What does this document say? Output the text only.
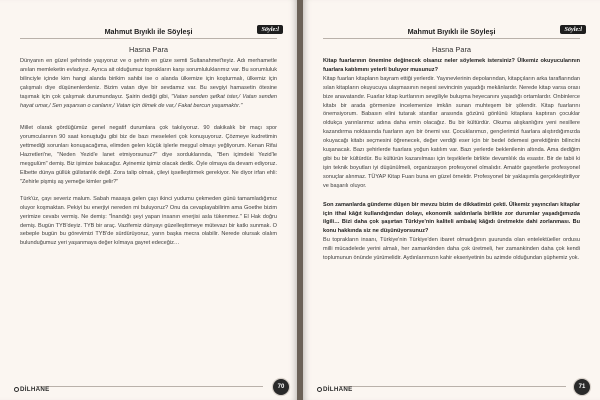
Mahmut Bıyıklı ile Söyleşi	Söyle:l
Hasna Para

Dünyanın en güzel şehrinde yaşıyoruz ve o şehrin en güze semti Sultanahmet'teyiz. Adı merhametle anılan memleketin evladıyız. Ayrıca ait olduğumuz toprakların karşı sorumluluklarımız var. Bu sorumluluk bilinciyle içinde kim hangi alanda birikim sahibi ise o alanda ülkemize için koşturmalı, ülkemiz için çalışmalı diye düşünenlerdeniz. Bizim vatan diye bir sevdamız var. Bu sevgiyi hamasetin ötesine taşımak için çok çalışmak durumundayız. Şairin dediği gibi, "Vatan senden şefkat ister,/ Vatan senden hayat umar,/ Sen yaşarsan o canlanır,/ Vatan için ölmek de var,/ Fakat bercun yaşamaktır."

Millet olarak gördüğümüz genel negatif durumlara çok takılıyoruz. 90 dakikalık bir maçı spor yorumcularının 90 saat konuştuğu gibi biz de bazı meseleleri çok konuşuyoruz. Çözmeye kudretimin yettmediği sorunları konuşacağıma, elimden gelen küçük işlerle meşgul olmayı yeğliyorum. Kenan Rifai Hazretleri'ne, "Neden Yezid'e lanet etmiyorsunuz?" diye sorduklarında, "Ben içimdeki Yezid'le meşgulüm" demiş. Biz işimize bakacağız. Ayinemiz işimiz olacak dedik. Öyle olmaya da devam ediyoruz. Elbette dünya güllük gülistanlık değil. Zora talip olmak, çileyi işselleştirmek gerekiyor. Ne diyor irfan ehli: "Zehirle pişmiş aş yemeğe kimler gelir?"

Türk'üz, çayı severiz malum. Sabah masaya gelen çayı ikinci yudumu çekmeden günü tamamladığımız oluyor koşmaktan. Pekiyi bu enerjiyi nereden mi buluyoruz? Onu da cevaplayabilirim ama Goethe bizim yerimize cevabı vermiş. Ne demiş: "İnandığı şeyi yapan insanın enerjisi asla tükenmez." El Hak doğru demiş. Bugün TYB'deyiz. TYB bir araç. Vazifemiz dünyayı güzelleştirmeye mütevazı bir katkı sunmak. O sebeple bugün bu görevimizi TYB'de sürdürüyoruz, yarın başka mecra olabilir. Nerede olursak olalım bulunduğumuz yeri yaşanmaya değer kılmaya gayret edeceğiz…

DİLHANE	70
Mahmut Bıyıklı ile Söyleşi	Söyle:l
Hasna Para

Kitap fuarlarının önemine değinecek olsanız neler söylemek istersiniz? Ülkemiz okuyucularının fuarlara katılımını yeterli buluyor musunuz?

Kitap fuarları kitapların bayram ettiği yerlerdir. Yayınevlerinin depolarından, kitapçıların arka taraflarından sılan kitapların okuyucuya ulaşmasının neşesi sevincinin yaşadığı mekânlardır. Nerede kitap varsa orası bize anavatandır. Fuarlar kitap kurtlarının sevgiliyle buluşma heyecanını yaşadığı ortamlardır. Onbinlerce kitabı bir arada görmenize incelemenize imkân sunan muhteşem bir şölendir. Kitap fuarlarını önemsiyorum. Babasın elini tutarak stantlar arasında gözünü gönlünü kitaplara kaptıran çocuklar oldukça yarınlarımız adına daha emin olacağız. Bu bir kültürdür. Okuma alışkanlığını yeni nesillere kazandırma noktasında fuarların ayrı bir önemi var. Çocuklarımızı, gençlerimizi fuarlara alıştırdığımızda okuyacağı kitabı seçmesini öğrenecek, değer verdiği eser için bir bedel ödemesi gerektiğinin bilincini kuşanacak. Bazı şehirlerde fuarlara yoğun katılım var. Bazı yerlerde beklenilenin altında. Ama dediğim gibi bu bir kültürdür. Bu kültürün kazanılması için teşviklerle birlikte devamlılık da esastır. Bir de tabii ki işin teknik boyutları iyi düşünülmeli, organizasyon profesyonel olmalıdır. Amatör gayretlerle profesyonel sonuçlar alınmaz. TÜYAP Kitap Fuarı buna en güzel örnektir. Profesyonel bir yaklaşımla gerçekleştiriliyor ve başarılı oluyor.

Son zamanlarda gündeme düşen bir mevzu bizim de dikkatimizi çekti. Ülkemiz yayıncıları kitaplar için ithal kâğıt kullandığından dolayı, ekonomik saldırılarla birlikte zor durumlar yaşadığımızda ilgili… Bizi daha çok şaşırtan Türkiye'nin kaliteli ambalaj kâğıdı üretmekte dahi zorlanması. Bu konu hakkında siz ne düşünüyorsunuz?

Bu toprakların insanı, Türkiye'nin Türkiye'den ibaret olmadığının şuurunda olan entelektüeller ordusu milli mücadelede yerini almalı, her zamankinden daha çok üretmeli, her zamankinden daha çok kendi toplumunun önünde yürümelidir. Aydınlarımızın kahir ekseriyetinin bu azimde olduğundan şüphemiz yok.

DİLHANE	71
